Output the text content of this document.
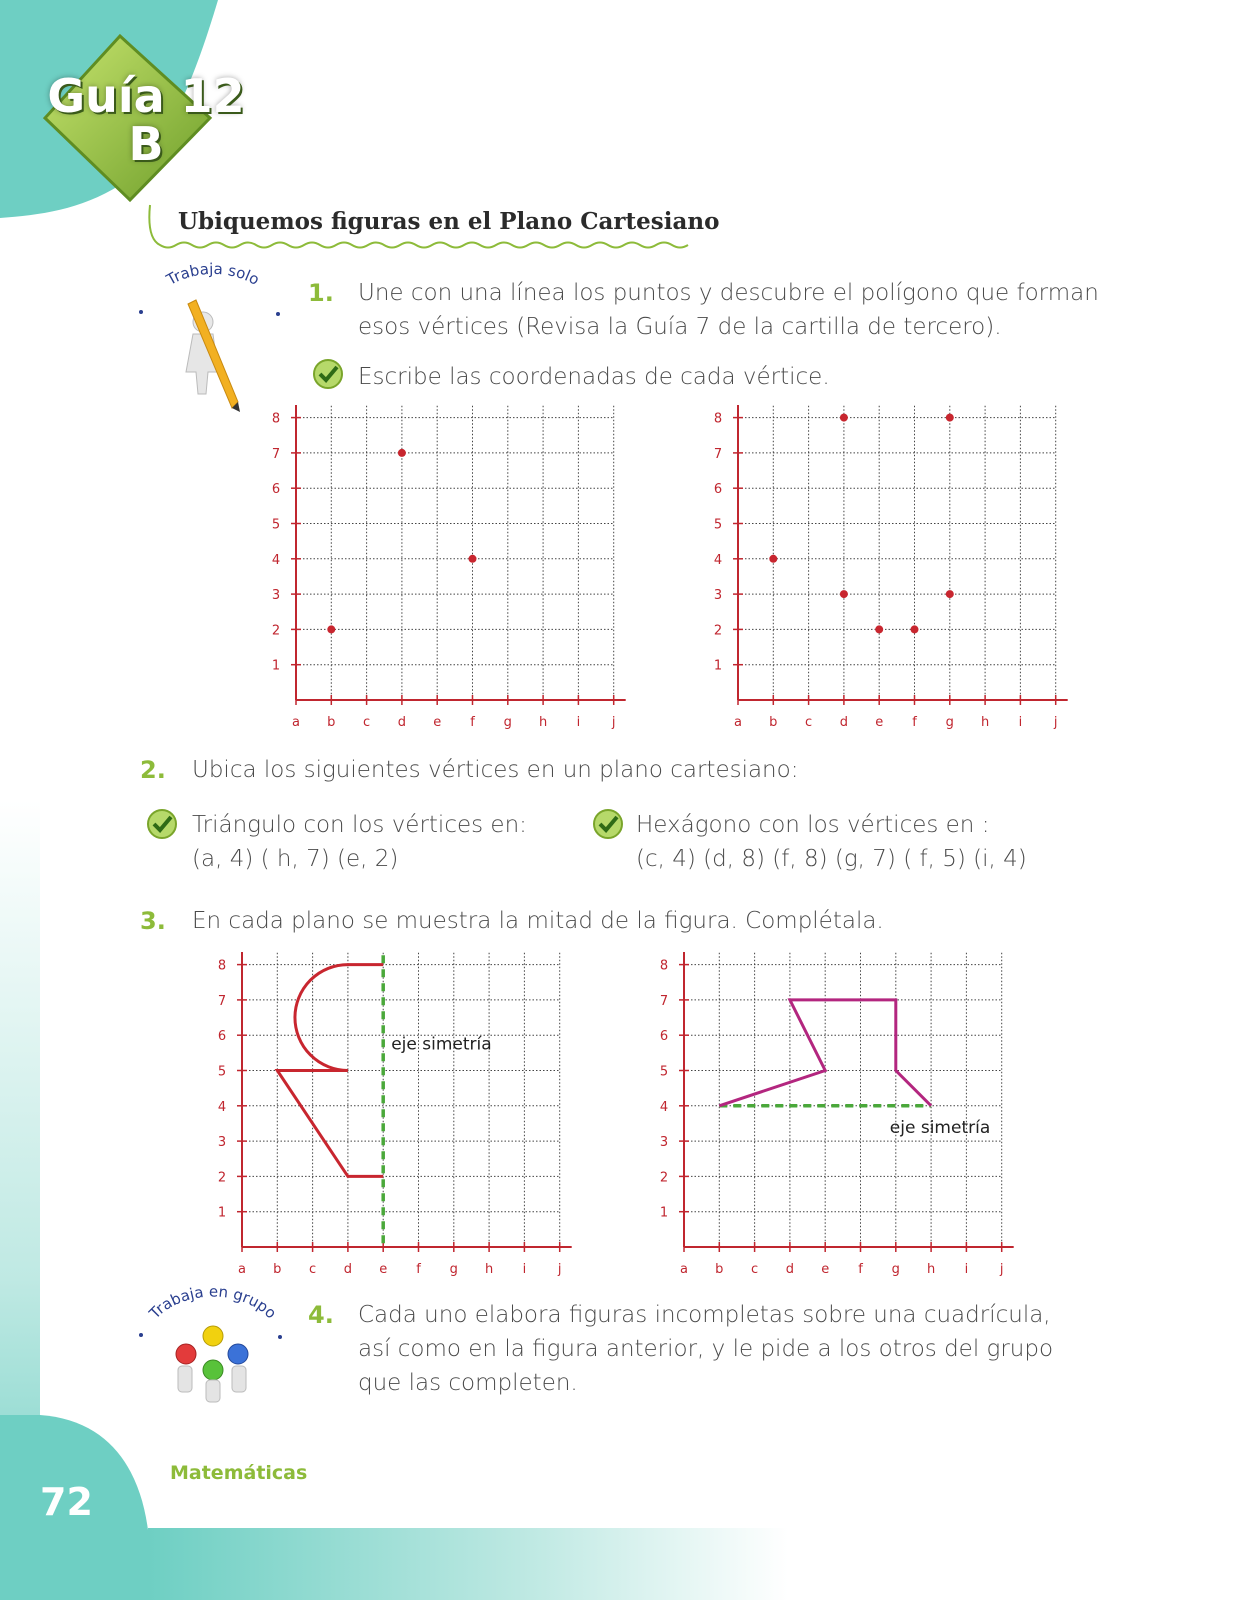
Guía 12
B
Ubiquemos figuras en el Plano Cartesiano
Trabaja solo
1. Une con una línea los puntos y descubre el polígono que forman
esos vértices (Revisa la Guía 7 de la cartilla de tercero).
Escribe las coordenadas de cada vértice.
a b c d e f g h i j
1
2
3
4
5
6
7
8
a b c d e f g h i j
1
2
3
4
5
6
7
8
2. Ubica los siguientes vértices en un plano cartesiano:
Triángulo con los vértices en:
(a, 4) ( h, 7) (e, 2)
Hexágono con los vértices en :
(c, 4) (d, 8) (f, 8) (g, 7) ( f, 5) (i, 4)
3. En cada plano se muestra la mitad de la figura. Complétala.
a b c d e f g h i j
1
2
3
4
5
6
7
8
eje simetría
a b c d e f g h i j
1
2
3
4
5
6
7
8
eje simetría
Trabaja en grupo 4. Cada uno elabora figuras incompletas sobre una cuadrícula,
así como en la figura anterior, y le pide a los otros del grupo
que las completen.
Matemáticas
72
